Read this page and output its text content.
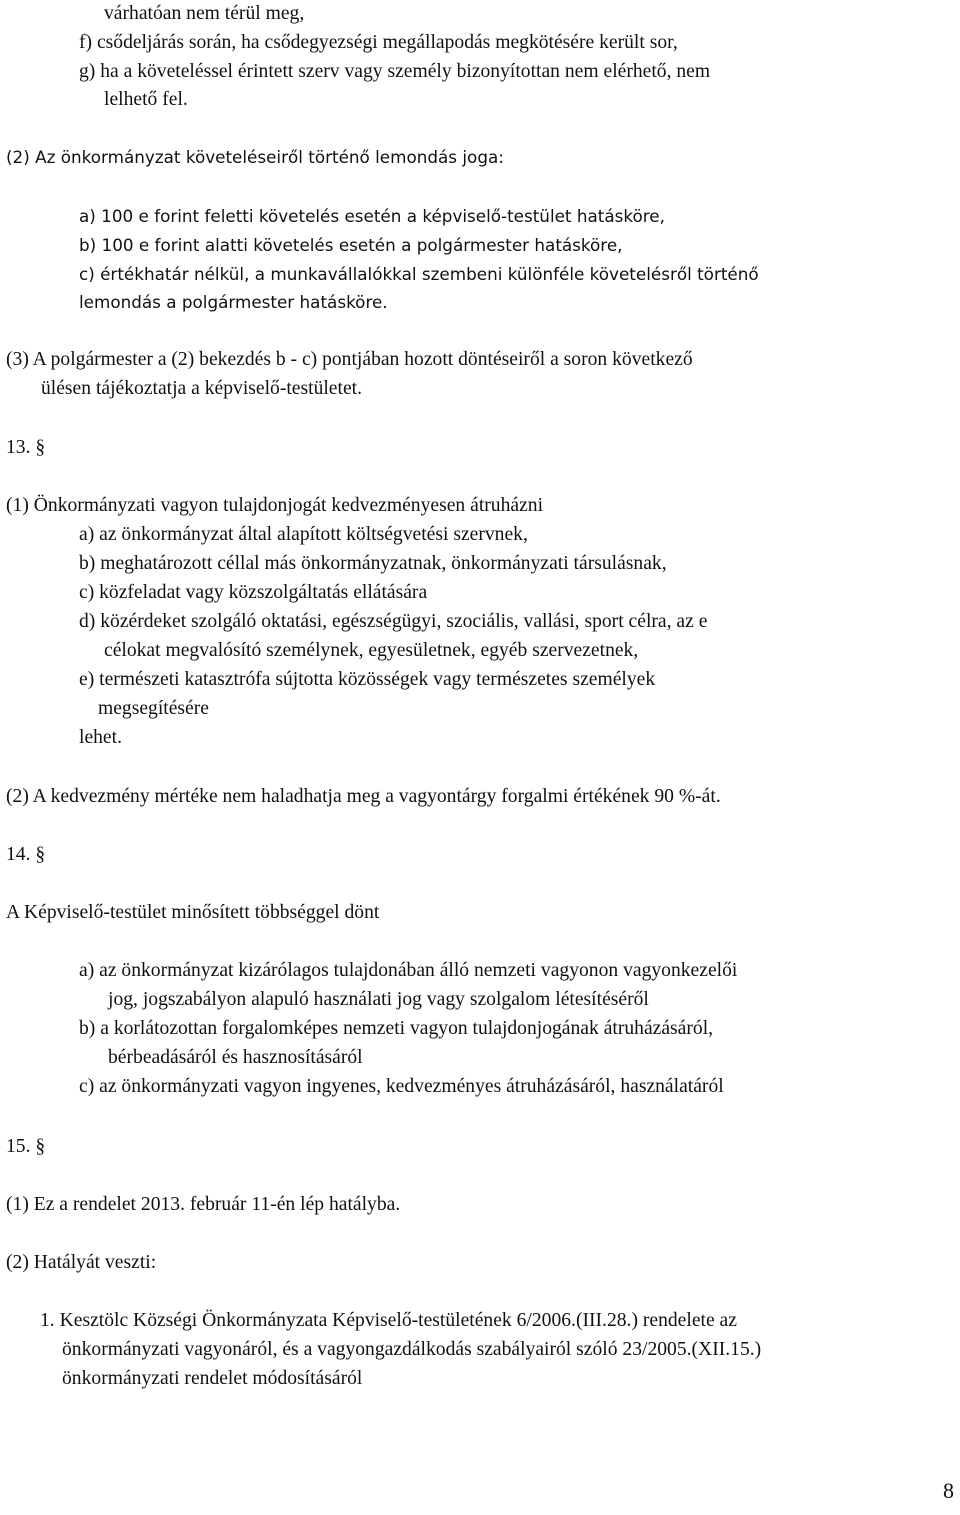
várhatóan nem térül meg,
f) csődeljárás során, ha csődegyezségi megállapodás megkötésére került sor,
g) ha a követeléssel érintett szerv vagy személy bizonyítottan nem elérhető, nem
lelhető fel.
(2) Az önkormányzat követeléseiről történő lemondás joga:
a) 100 e forint feletti követelés esetén a képviselő-testület hatásköre,
b) 100 e forint alatti követelés esetén a polgármester hatásköre,
c) értékhatár nélkül, a munkavállalókkal szembeni különféle követelésről történő
lemondás a polgármester hatásköre.
(3) A polgármester a (2) bekezdés b - c) pontjában hozott döntéseiről a soron következő
ülésen tájékoztatja a képviselő-testületet.
13. §
(1) Önkormányzati vagyon tulajdonjogát kedvezményesen átruházni
a) az önkormányzat által alapított költségvetési szervnek,
b) meghatározott céllal más önkormányzatnak, önkormányzati társulásnak,
c) közfeladat vagy közszolgáltatás ellátására
d) közérdeket szolgáló oktatási, egészségügyi, szociális, vallási, sport célra, az e
célokat megvalósító személynek, egyesületnek, egyéb szervezetnek,
e) természeti katasztrófa sújtotta közösségek vagy természetes személyek
megsegítésére
lehet.
(2) A kedvezmény mértéke nem haladhatja meg a vagyontárgy forgalmi értékének 90 %-át.
14. §
A Képviselő-testület minősített többséggel dönt
a) az önkormányzat kizárólagos tulajdonában álló nemzeti vagyonon vagyonkezelői
jog, jogszabályon alapuló használati jog vagy szolgalom létesítéséről
b) a korlátozottan forgalomképes nemzeti vagyon tulajdonjogának átruházásáról,
bérbeadásáról és hasznosításáról
c) az önkormányzati vagyon ingyenes, kedvezményes átruházásáról, használatáról
15. §
(1) Ez a rendelet 2013. február 11-én lép hatályba.
(2) Hatályát veszti:
1. Kesztölc Községi Önkormányzata Képviselő-testületének 6/2006.(III.28.) rendelete az
önkormányzati vagyonáról, és a vagyongazdálkodás szabályairól szóló 23/2005.(XII.15.)
önkormányzati rendelet módosításáról
8
